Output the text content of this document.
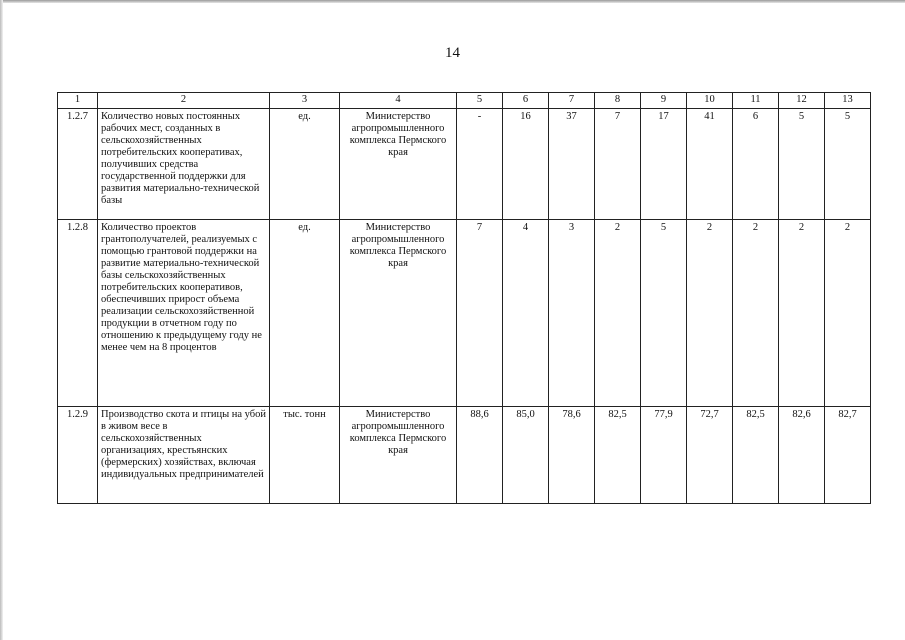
14
1	2	3	4	5	6	7	8	9	10	11	12	13
1.2.7	Количество новых постоянных рабочих мест, созданных в сельскохозяйственных потребительских кооперативах, получивших средства государственной поддержки для развития материально-технической базы	ед.	Министерство агропромышленного комплекса Пермского края	-	16	37	7	17	41	6	5	5
1.2.8	Количество проектов грантополучателей, реализуемых с помощью грантовой поддержки на развитие материально-технической базы сельскохозяйственных потребительских кооперативов, обеспечивших прирост объема реализации сельскохозяйственной продукции в отчетном году по отношению к предыдущему году не менее чем на 8 процентов	ед.	Министерство агропромышленного комплекса Пермского края	7	4	3	2	5	2	2	2	2
1.2.9	Производство скота и птицы на убой в живом весе в сельскохозяйственных организациях, крестьянских (фермерских) хозяйствах, включая индивидуальных предпринимателей	тыс. тонн	Министерство агропромышленного комплекса Пермского края	88,6	85,0	78,6	82,5	77,9	72,7	82,5	82,6	82,7
